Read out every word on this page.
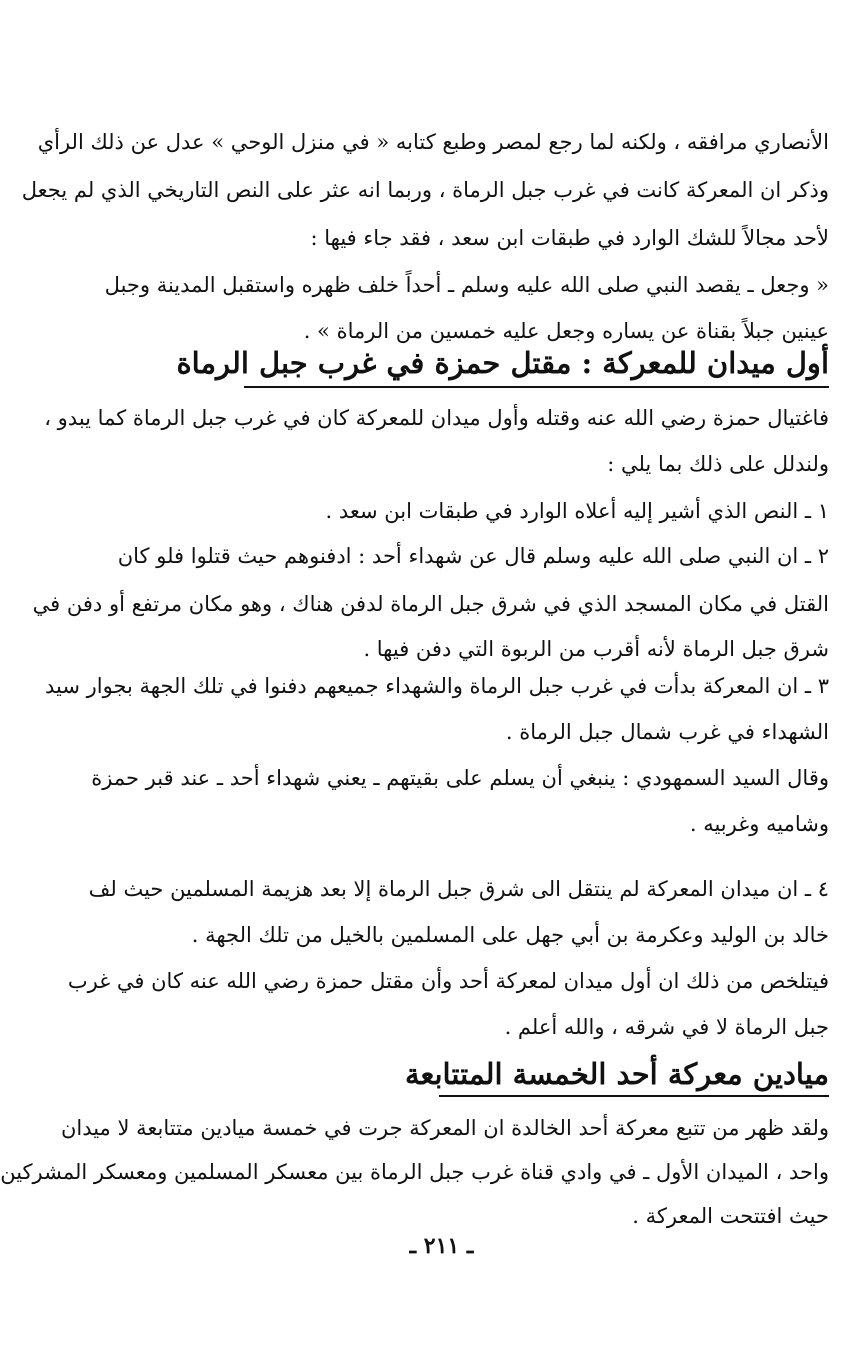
الأنصاري مرافقه ، ولكنه لما رجع لمصر وطبع كتابه « في منزل الوحي » عدل عن ذلك الرأي
وذكر ان المعركة كانت في غرب جبل الرماة ، وربما انه عثر على النص التاريخي الذي لم يجعل
لأحد مجالاً للشك الوارد في طبقات ابن سعد ، فقد جاء فيها :
« وجعل ـ يقصد النبي صلى الله عليه وسلم ـ أحداً خلف ظهره واستقبل المدينة وجبل
عينين جبلاً بقناة عن يساره وجعل عليه خمسين من الرماة » .
أول ميدان للمعركة : مقتل حمزة في غرب جبل الرماة
فاغتيال حمزة رضي الله عنه وقتله وأول ميدان للمعركة كان في غرب جبل الرماة كما يبدو ،
ولندلل على ذلك بما يلي :
١ ـ النص الذي أشير إليه أعلاه الوارد في طبقات ابن سعد .
٢ ـ ان النبي صلى الله عليه وسلم قال عن شهداء أحد : ادفنوهم حيث قتلوا فلو كان
القتل في مكان المسجد الذي في شرق جبل الرماة لدفن هناك ، وهو مكان مرتفع أو دفن في
شرق جبل الرماة لأنه أقرب من الربوة التي دفن فيها .
٣ ـ ان المعركة بدأت في غرب جبل الرماة والشهداء جميعهم دفنوا في تلك الجهة بجوار سيد
الشهداء في غرب شمال جبل الرماة .
وقال السيد السمهودي : ينبغي أن يسلم على بقيتهم ـ يعني شهداء أحد ـ عند قبر حمزة
وشاميه وغربيه .
٤ ـ ان ميدان المعركة لم ينتقل الى شرق جبل الرماة إلا بعد هزيمة المسلمين حيث لف
خالد بن الوليد وعكرمة بن أبي جهل على المسلمين بالخيل من تلك الجهة .
فيتلخص من ذلك ان أول ميدان لمعركة أحد وأن مقتل حمزة رضي الله عنه كان في غرب
جبل الرماة لا في شرقه ، والله أعلم .
ميادين معركة أحد الخمسة المتتابعة
ولقد ظهر من تتبع معركة أحد الخالدة ان المعركة جرت في خمسة ميادين متتابعة لا ميدان
واحد ، الميدان الأول ـ في وادي قناة غرب جبل الرماة بين معسكر المسلمين ومعسكر المشركين
حيث افتتحت المعركة .
ـ ٢١١ ـ
